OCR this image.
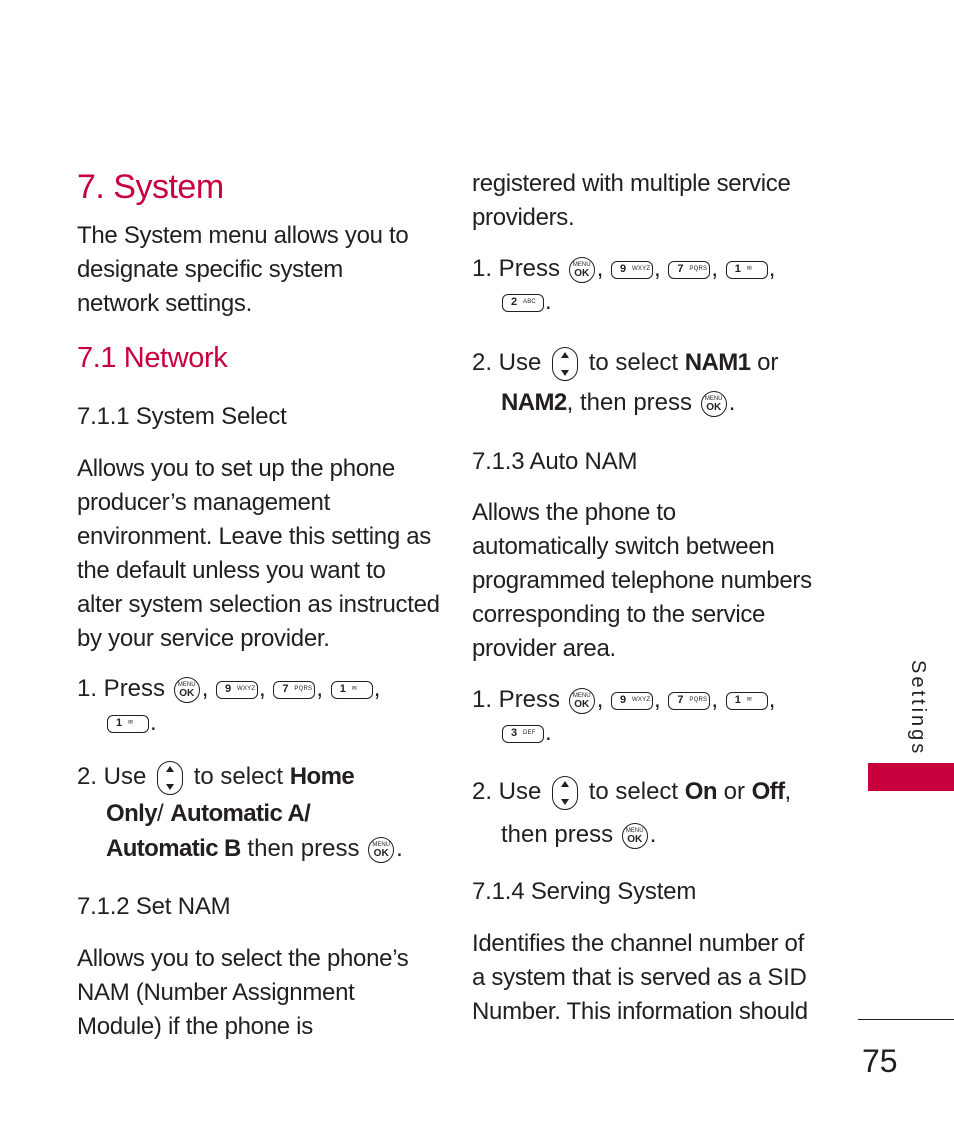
7. System
The System menu allows you to
designate specific system
network settings.
7.1 Network
7.1.1 System Select
Allows you to set up the phone
producer’s management
environment. Leave this setting as
the default unless you want to
alter system selection as instructed
by your service provider.
1. Press	MENU
OK , 9 WXYZ , 7 PQRS , 1 ✉ ,
1 ✉ .
2. Use to select Home
Only/ Automatic A/
Automatic B then press	MENU
OK .
7.1.2 Set NAM
Allows you to select the phone’s
NAM (Number Assignment
Module) if the phone is
registered with multiple service
providers.
1. Press	MENU
OK , 9 WXYZ , 7 PQRS , 1 ✉ ,
2 ABC .
2. Use to select NAM1 or
NAM2, then press	MENU
OK .
7.1.3 Auto NAM
Allows the phone to
automatically switch between
programmed telephone numbers
corresponding to the service
provider area.
1. Press	MENU
OK , 9 WXYZ , 7 PQRS , 1 ✉ ,
3 DEF .
2. Use to select On or Off,
then press	MENU
OK .
7.1.4 Serving System
Identifies the channel number of
a system that is served as a SID
Number. This information should
Settings
75
